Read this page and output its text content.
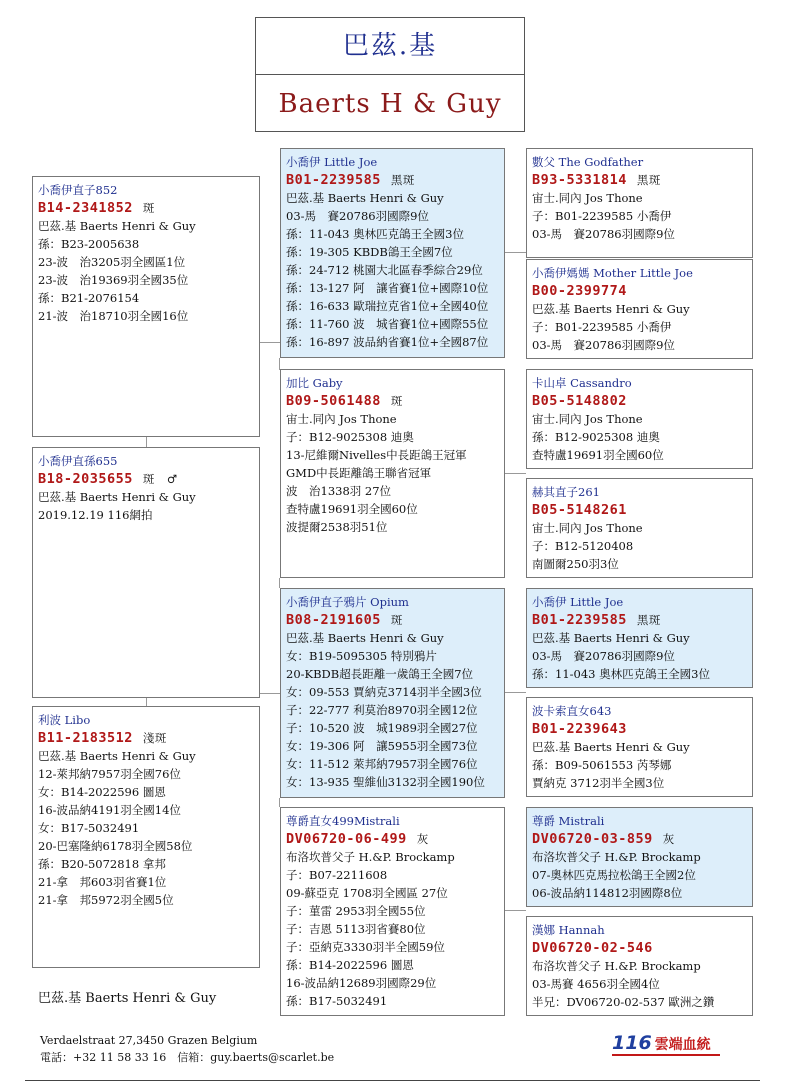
巴茲.基
Baerts H & Guy
數父 The Godfather
B93-5331814 黑斑
宙士.同內 Jos Thone
子：B01-2239585 小喬伊
03-馬　賽20786羽國際9位
小喬伊媽媽 Mother Little Joe
B00-2399774
巴茲.基 Baerts Henri & Guy
子：B01-2239585 小喬伊
03-馬　賽20786羽國際9位
卡山卓 Cassandro
B05-5148802
宙士.同內 Jos Thone
孫：B12-9025308 迪奧
查特盧19691羽全國60位
赫其直子261
B05-5148261
宙士.同內 Jos Thone
子：B12-5120408
南圖爾250羽3位
小喬伊 Little Joe
B01-2239585 黑斑
巴茲.基 Baerts Henri & Guy
03-馬　賽20786羽國際9位
孫：11-043 奧林匹克鴿王全國3位
波卡索直女643
B01-2239643
巴茲.基 Baerts Henri & Guy
孫：B09-5061553 芮琴娜
賈納克 3712羽半全國3位
尊爵 Mistrali
DV06720-03-859 灰
布洛坎普父子 H.&P. Brockamp
07-奧林匹克馬拉松鴿王全國2位
06-波品納114812羽國際8位
漢娜 Hannah
DV06720-02-546
布洛坎普父子 H.&P. Brockamp
03-馬賽 4656羽全國4位
半兄：DV06720-02-537 歐洲之鑽
小喬伊 Little Joe
B01-2239585 黑斑
巴茲.基 Baerts Henri & Guy
03-馬　賽20786羽國際9位
孫：11-043 奧林匹克鴿王全國3位
孫：19-305 KBDB鴿王全國7位
孫：24-712 桃園大北區春季綜合29位
孫：13-127 阿　讓省賽1位+國際10位
孫：16-633 歐瑞拉克省1位+全國40位
孫：11-760 波　城省賽1位+國際55位
孫：16-897 波品納省賽1位+全國87位
加比 Gaby
B09-5061488 斑
宙士.同內 Jos Thone
子：B12-9025308 迪奧
13-尼維爾Nivelles中長距鴿王冠軍
GMD中長距離鴿王聯省冠軍
波　治1338羽 27位
查特盧19691羽全國60位
波提爾2538羽51位
小喬伊直子鴉片 Opium
B08-2191605 斑
巴茲.基 Baerts Henri & Guy
女：B19-5095305 特別鴉片
20-KBDB超長距離一歲鴿王全國7位
女：09-553 賈納克3714羽半全國3位
子：22-777 利莫治8970羽全國12位
子：10-520 波　城1989羽全國27位
女：19-306 阿　讓5955羽全國73位
女：11-512 萊邦納7957羽全國76位
女：13-935 聖維仙3132羽全國190位
尊爵直女499Mistrali
DV06720-06-499 灰
布洛坎普父子 H.&P. Brockamp
子：B07-2211608
09-蘇亞克 1708羽全國區 27位
子：菫雷 2953羽全國55位
子：吉恩 5113羽省賽80位
子：亞納克3330羽半全國59位
孫：B14-2022596 圖恩
16-波品納12689羽國際29位
孫：B17-5032491
小喬伊直子852
B14-2341852 斑
巴茲.基 Baerts Henri & Guy
孫：B23-2005638
23-波　治3205羽全國區1位
23-波　治19369羽全國35位
孫：B21-2076154
21-波　治18710羽全國16位
小喬伊直孫655
B18-2035655 斑　♂
巴茲.基 Baerts Henri & Guy
2019.12.19 116網拍
利波 Libo
B11-2183512 淺斑
巴茲.基 Baerts Henri & Guy
12-萊邦納7957羽全國76位
女：B14-2022596 圖恩
16-波品納4191羽全國14位
女：B17-5032491
20-巴塞隆納6178羽全國58位
孫：B20-5072818 拿邦
21-拿　邦603羽省賽1位
21-拿　邦5972羽全國5位
巴茲.基 Baerts Henri & Guy
Verdaelstraat 27,3450 Grazen Belgium
電話：+32 11 58 33 16　信箱：guy.baerts@scarlet.be
116 雲端血統
